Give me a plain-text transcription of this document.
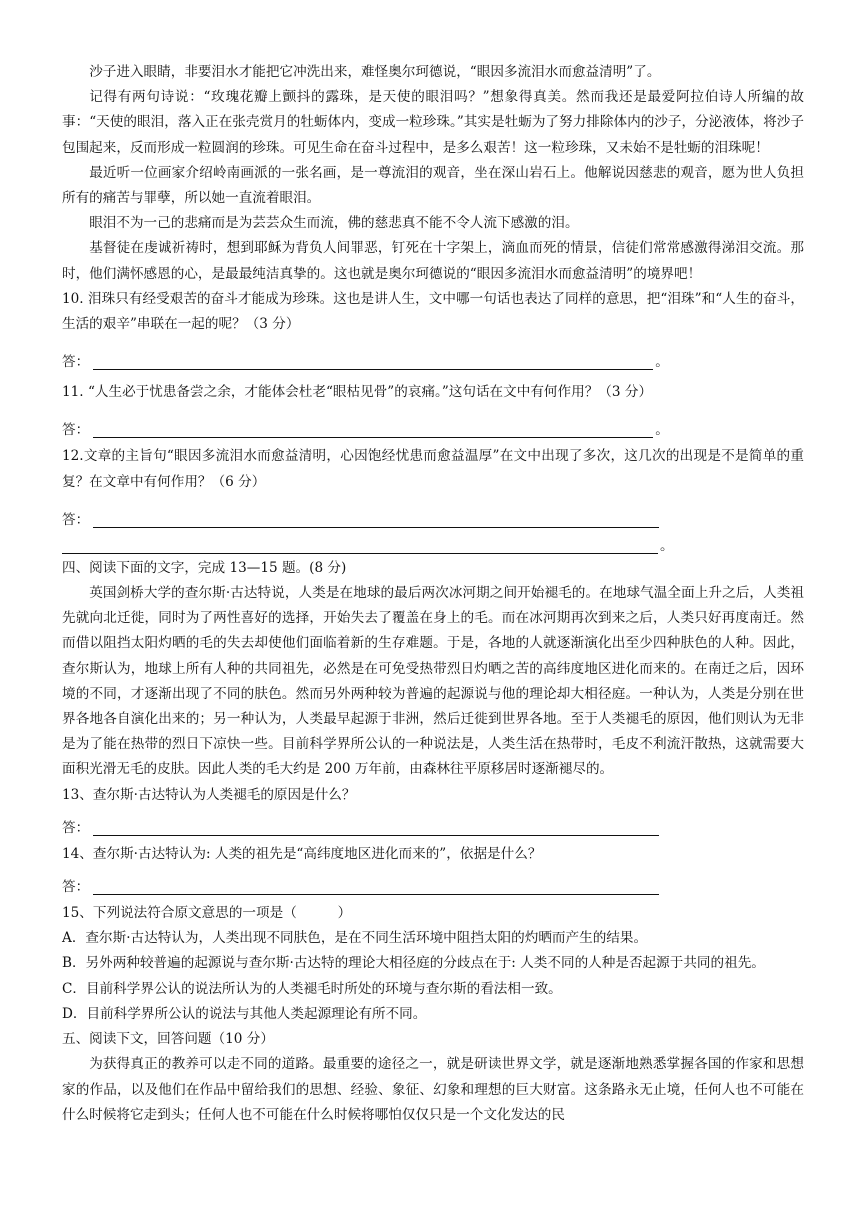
沙子进入眼睛，非要泪水才能把它冲洗出来，难怪奥尔珂德说，“眼因多流泪水而愈益清明”了。

记得有两句诗说：“玫瑰花瓣上颤抖的露珠，是天使的眼泪吗？”想象得真美。然而我还是最爱阿拉伯诗人所编的故事：“天使的眼泪，落入正在张壳赏月的牡蛎体内，变成一粒珍珠。”其实是牡蛎为了努力排除体内的沙子，分泌液体，将沙子包围起来，反而形成一粒圆润的珍珠。可见生命在奋斗过程中，是多么艰苦！这一粒珍珠，又未始不是牡蛎的泪珠呢！

最近听一位画家介绍岭南画派的一张名画，是一尊流泪的观音，坐在深山岩石上。他解说因慈悲的观音，愿为世人负担所有的痛苦与罪孽，所以她一直流着眼泪。

眼泪不为一己的悲痛而是为芸芸众生而流，佛的慈悲真不能不令人流下感激的泪。

基督徒在虔诚祈祷时，想到耶稣为背负人间罪恶，钉死在十字架上，滴血而死的情景，信徒们常常感激得涕泪交流。那时，他们满怀感恩的心，是最最纯洁真挚的。这也就是奥尔珂德说的“眼因多流泪水而愈益清明”的境界吧！

10. 泪珠只有经受艰苦的奋斗才能成为珍珠。这也是讲人生，文中哪一句话也表达了同样的意思，把“泪珠”和“人生的奋斗，生活的艰辛”串联在一起的呢？（3 分）

答：	。

11. “人生必于忧患备尝之余，才能体会杜老“眼枯见骨”的哀痛。”这句话在文中有何作用？（3 分）

答：	。

12.文章的主旨句“眼因多流泪水而愈益清明，心因饱经忧患而愈益温厚”在文中出现了多次，这几次的出现是不是简单的重复？在文章中有何作用？（6 分）

答：
。

四、阅读下面的文字，完成 13—15 题。(8 分)

英国剑桥大学的查尔斯·古达特说，人类是在地球的最后两次冰河期之间开始褪毛的。在地球气温全面上升之后，人类祖先就向北迁徙，同时为了两性喜好的选择，开始失去了覆盖在身上的毛。而在冰河期再次到来之后，人类只好再度南迁。然而借以阻挡太阳灼晒的毛的失去却使他们面临着新的生存难题。于是，各地的人就逐渐演化出至少四种肤色的人种。因此，查尔斯认为，地球上所有人种的共同祖先，必然是在可免受热带烈日灼晒之苦的高纬度地区进化而来的。在南迁之后，因环境的不同，才逐渐出现了不同的肤色。然而另外两种较为普遍的起源说与他的理论却大相径庭。一种认为，人类是分别在世界各地各自演化出来的；另一种认为，人类最早起源于非洲，然后迁徙到世界各地。至于人类褪毛的原因，他们则认为无非是为了能在热带的烈日下凉快一些。目前科学界所公认的一种说法是，人类生活在热带时，毛皮不利流汗散热，这就需要大面积光滑无毛的皮肤。因此人类的毛大约是 200 万年前，由森林往平原移居时逐渐褪尽的。

13、查尔斯·古达特认为人类褪毛的原因是什么？

答：

14、查尔斯·古达特认为: 人类的祖先是“高纬度地区进化而来的”，依据是什么？

答：

15、下列说法符合原文意思的一项是（　　　）

A．查尔斯·古达特认为，人类出现不同肤色，是在不同生活环境中阻挡太阳的灼晒而产生的结果。

B．另外两种较普遍的起源说与查尔斯·古达特的理论大相径庭的分歧点在于: 人类不同的人种是否起源于共同的祖先。

C．目前科学界公认的说法所认为的人类褪毛时所处的环境与查尔斯的看法相一致。

D．目前科学界所公认的说法与其他人类起源理论有所不同。

五、阅读下文，回答问题（10 分）

为获得真正的教养可以走不同的道路。最重要的途径之一，就是研读世界文学，就是逐渐地熟悉掌握各国的作家和思想家的作品，以及他们在作品中留给我们的思想、经验、象征、幻象和理想的巨大财富。这条路永无止境，任何人也不可能在什么时候将它走到头；任何人也不可能在什么时候将哪怕仅仅只是一个文化发达的民
